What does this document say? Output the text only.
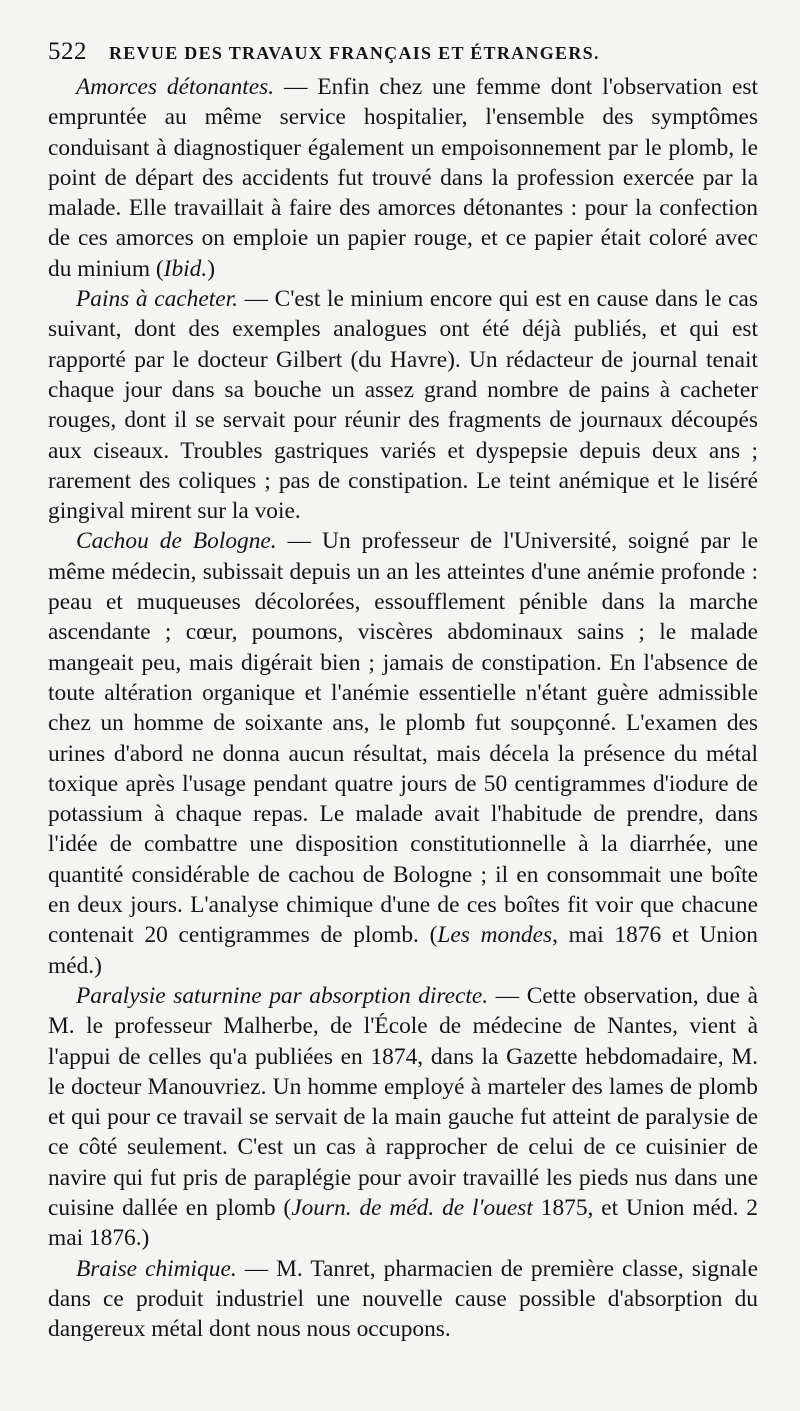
522 REVUE DES TRAVAUX FRANÇAIS ET ÉTRANGERS.

Amorces détonantes. — Enfin chez une femme dont l'observation est empruntée au même service hospitalier, l'ensemble des symptômes conduisant à diagnostiquer également un empoisonnement par le plomb, le point de départ des accidents fut trouvé dans la profession exercée par la malade. Elle travaillait à faire des amorces détonantes : pour la confection de ces amorces on emploie un papier rouge, et ce papier était coloré avec du minium (Ibid.)

Pains à cacheter. — C'est le minium encore qui est en cause dans le cas suivant, dont des exemples analogues ont été déjà publiés, et qui est rapporté par le docteur Gilbert (du Havre). Un rédacteur de journal tenait chaque jour dans sa bouche un assez grand nombre de pains à cacheter rouges, dont il se servait pour réunir des fragments de journaux découpés aux ciseaux. Troubles gastriques variés et dyspepsie depuis deux ans ; rarement des coliques ; pas de constipation. Le teint anémique et le liséré gingival mirent sur la voie.

Cachou de Bologne. — Un professeur de l'Université, soigné par le même médecin, subissait depuis un an les atteintes d'une anémie profonde : peau et muqueuses décolorées, essoufflement pénible dans la marche ascendante ; cœur, poumons, viscères abdominaux sains ; le malade mangeait peu, mais digérait bien ; jamais de constipation. En l'absence de toute altération organique et l'anémie essentielle n'étant guère admissible chez un homme de soixante ans, le plomb fut soupçonné. L'examen des urines d'abord ne donna aucun résultat, mais décela la présence du métal toxique après l'usage pendant quatre jours de 50 centigrammes d'iodure de potassium à chaque repas. Le malade avait l'habitude de prendre, dans l'idée de combattre une disposition constitutionnelle à la diarrhée, une quantité considérable de cachou de Bologne ; il en consommait une boîte en deux jours. L'analyse chimique d'une de ces boîtes fit voir que chacune contenait 20 centigrammes de plomb. (Les mondes, mai 1876 et Union méd.)

Paralysie saturnine par absorption directe. — Cette observation, due à M. le professeur Malherbe, de l'École de médecine de Nantes, vient à l'appui de celles qu'a publiées en 1874, dans la Gazette hebdomadaire, M. le docteur Manouvriez. Un homme employé à marteler des lames de plomb et qui pour ce travail se servait de la main gauche fut atteint de paralysie de ce côté seulement. C'est un cas à rapprocher de celui de ce cuisinier de navire qui fut pris de paraplégie pour avoir travaillé les pieds nus dans une cuisine dallée en plomb (Journ. de méd. de l'ouest 1875, et Union méd. 2 mai 1876.)

Braise chimique. — M. Tanret, pharmacien de première classe, signale dans ce produit industriel une nouvelle cause possible d'absorption du dangereux métal dont nous nous occupons.
